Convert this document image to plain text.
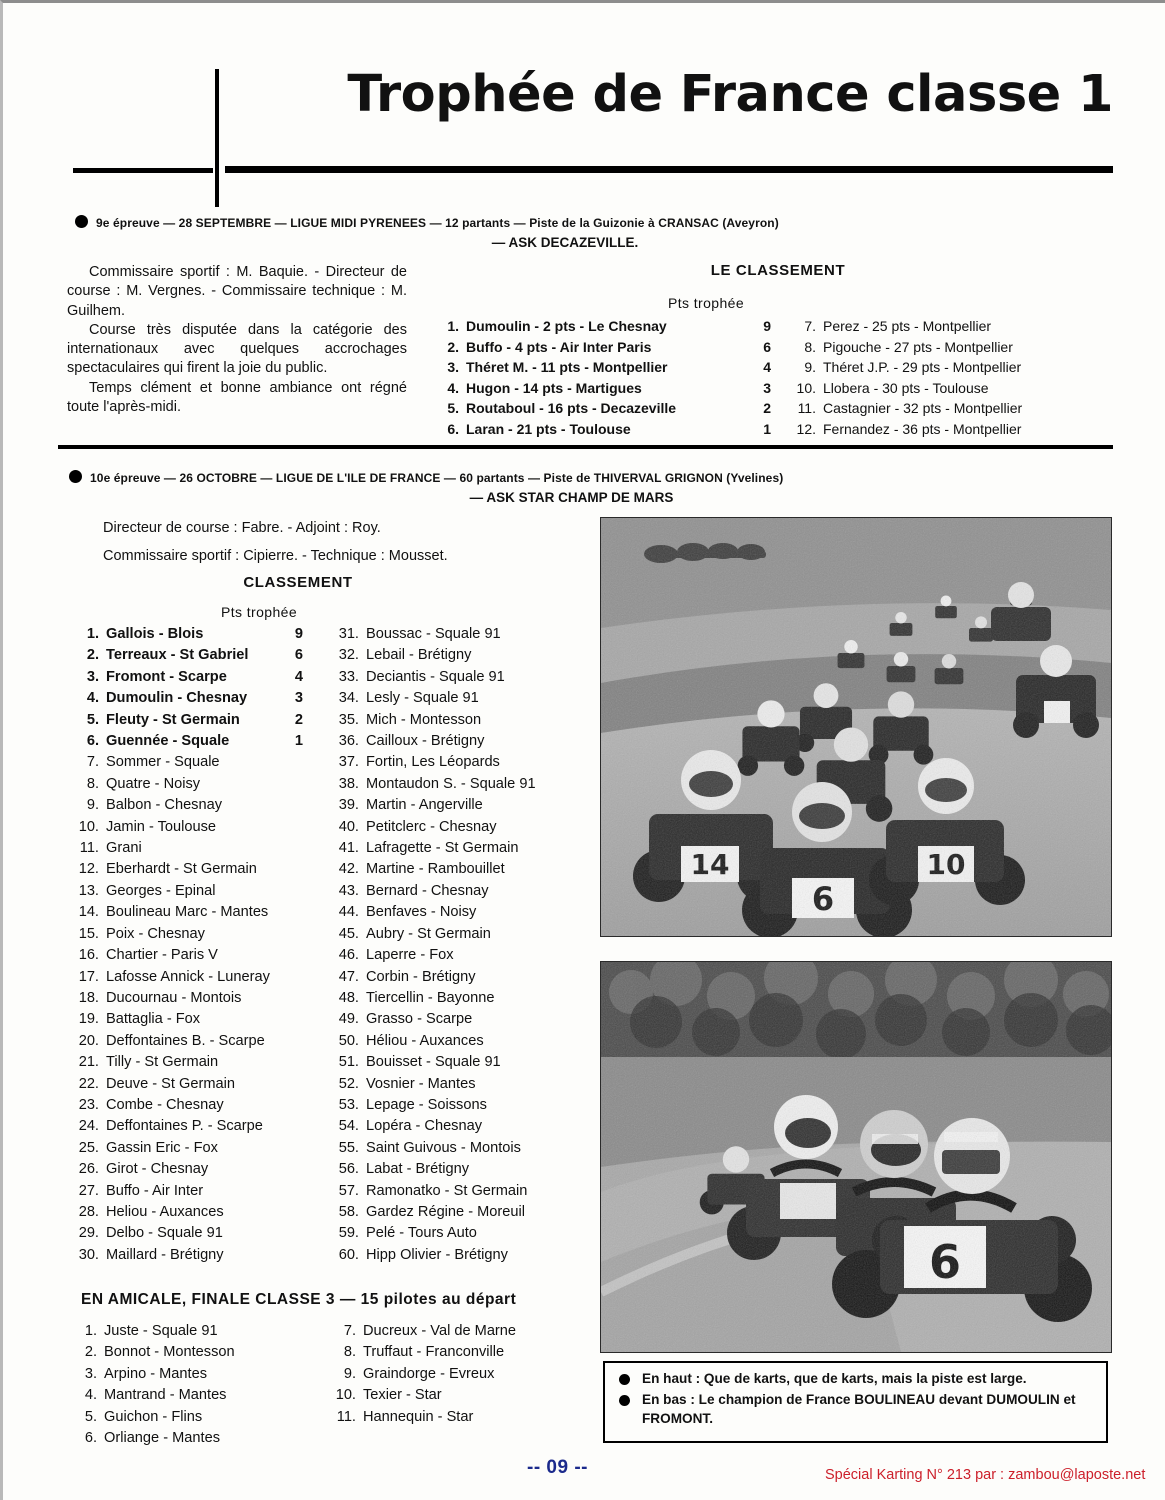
Trophée de France classe 1
9e épreuve — 28 SEPTEMBRE — LIGUE MIDI PYRENEES — 12 partants — Piste de la Guizonie à CRANSAC (Aveyron)
— ASK DECAZEVILLE.

Commissaire sportif : M. Baquie. - Directeur de course : M. Vergnes. - Commissaire technique : M. Guilhem.

Course très disputée dans la catégorie des internationaux avec quelques accrochages spectaculaires qui firent la joie du public.

Temps clément et bonne ambiance ont régné toute l'après-midi.

LE CLASSEMENT
Pts trophée
1. Dumoulin - 2 pts - Le Chesnay	9
2. Buffo - 4 pts - Air Inter Paris	6
3. Théret M. - 11 pts - Montpellier	4
4. Hugon - 14 pts - Martigues	3
5. Routaboul - 16 pts - Decazeville	2
6. Laran - 21 pts - Toulouse	1
7. Perez - 25 pts - Montpellier
8. Pigouche - 27 pts - Montpellier
9. Théret J.P. - 29 pts - Montpellier
10. Llobera - 30 pts - Toulouse
11. Castagnier - 32 pts - Montpellier
12. Fernandez - 36 pts - Montpellier
10e épreuve — 26 OCTOBRE — LIGUE DE L'ILE DE FRANCE — 60 partants — Piste de THIVERVAL GRIGNON (Yvelines)
— ASK STAR CHAMP DE MARS

Directeur de course : Fabre. - Adjoint : Roy.

Commissaire sportif : Cipierre. - Technique : Mousset.

CLASSEMENT
Pts trophée
1. Gallois - Blois	9
2. Terreaux - St Gabriel	6
3. Fromont - Scarpe	4
4. Dumoulin - Chesnay	3
5. Fleuty - St Germain	2
6. Guennée - Squale	1
7. Sommer - Squale
8. Quatre - Noisy
9. Balbon - Chesnay
10. Jamin - Toulouse
11. Grani
12. Eberhardt - St Germain
13. Georges - Epinal
14. Boulineau Marc - Mantes
15. Poix - Chesnay
16. Chartier - Paris V
17. Lafosse Annick - Luneray
18. Ducournau - Montois
19. Battaglia - Fox
20. Deffontaines B. - Scarpe
21. Tilly - St Germain
22. Deuve - St Germain
23. Combe - Chesnay
24. Deffontaines P. - Scarpe
25. Gassin Eric - Fox
26. Girot - Chesnay
27. Buffo - Air Inter
28. Heliou - Auxances
29. Delbo - Squale 91
30. Maillard - Brétigny
31. Boussac - Squale 91
32. Lebail - Brétigny
33. Deciantis - Squale 91
34. Lesly - Squale 91
35. Mich - Montesson
36. Cailloux - Brétigny
37. Fortin, Les Léopards
38. Montaudon S. - Squale 91
39. Martin - Angerville
40. Petitclerc - Chesnay
41. Lafragette - St Germain
42. Martine - Rambouillet
43. Bernard - Chesnay
44. Benfaves - Noisy
45. Aubry - St Germain
46. Laperre - Fox
47. Corbin - Brétigny
48. Tiercellin - Bayonne
49. Grasso - Scarpe
50. Héliou - Auxances
51. Bouisset - Squale 91
52. Vosnier - Mantes
53. Lepage - Soissons
54. Lopéra - Chesnay
55. Saint Guivous - Montois
56. Labat - Brétigny
57. Ramonatko - St Germain
58. Gardez Régine - Moreuil
59. Pelé - Tours Auto
60. Hipp Olivier - Brétigny
14
6
10
6
EN AMICALE, FINALE CLASSE 3 — 15 pilotes au départ
1. Juste - Squale 91
2. Bonnot - Montesson
3. Arpino - Mantes
4. Mantrand - Mantes
5. Guichon - Flins
6. Orliange - Mantes
7. Ducreux - Val de Marne
8. Truffaut - Franconville
9. Graindorge - Evreux
10. Texier - Star
11. Hannequin - Star
En haut : Que de karts, que de karts, mais la piste est large.
En bas : Le champion de France BOULINEAU devant DUMOULIN et FROMONT.
-- 09 --	Spécial Karting N° 213 par : zambou@laposte.net
